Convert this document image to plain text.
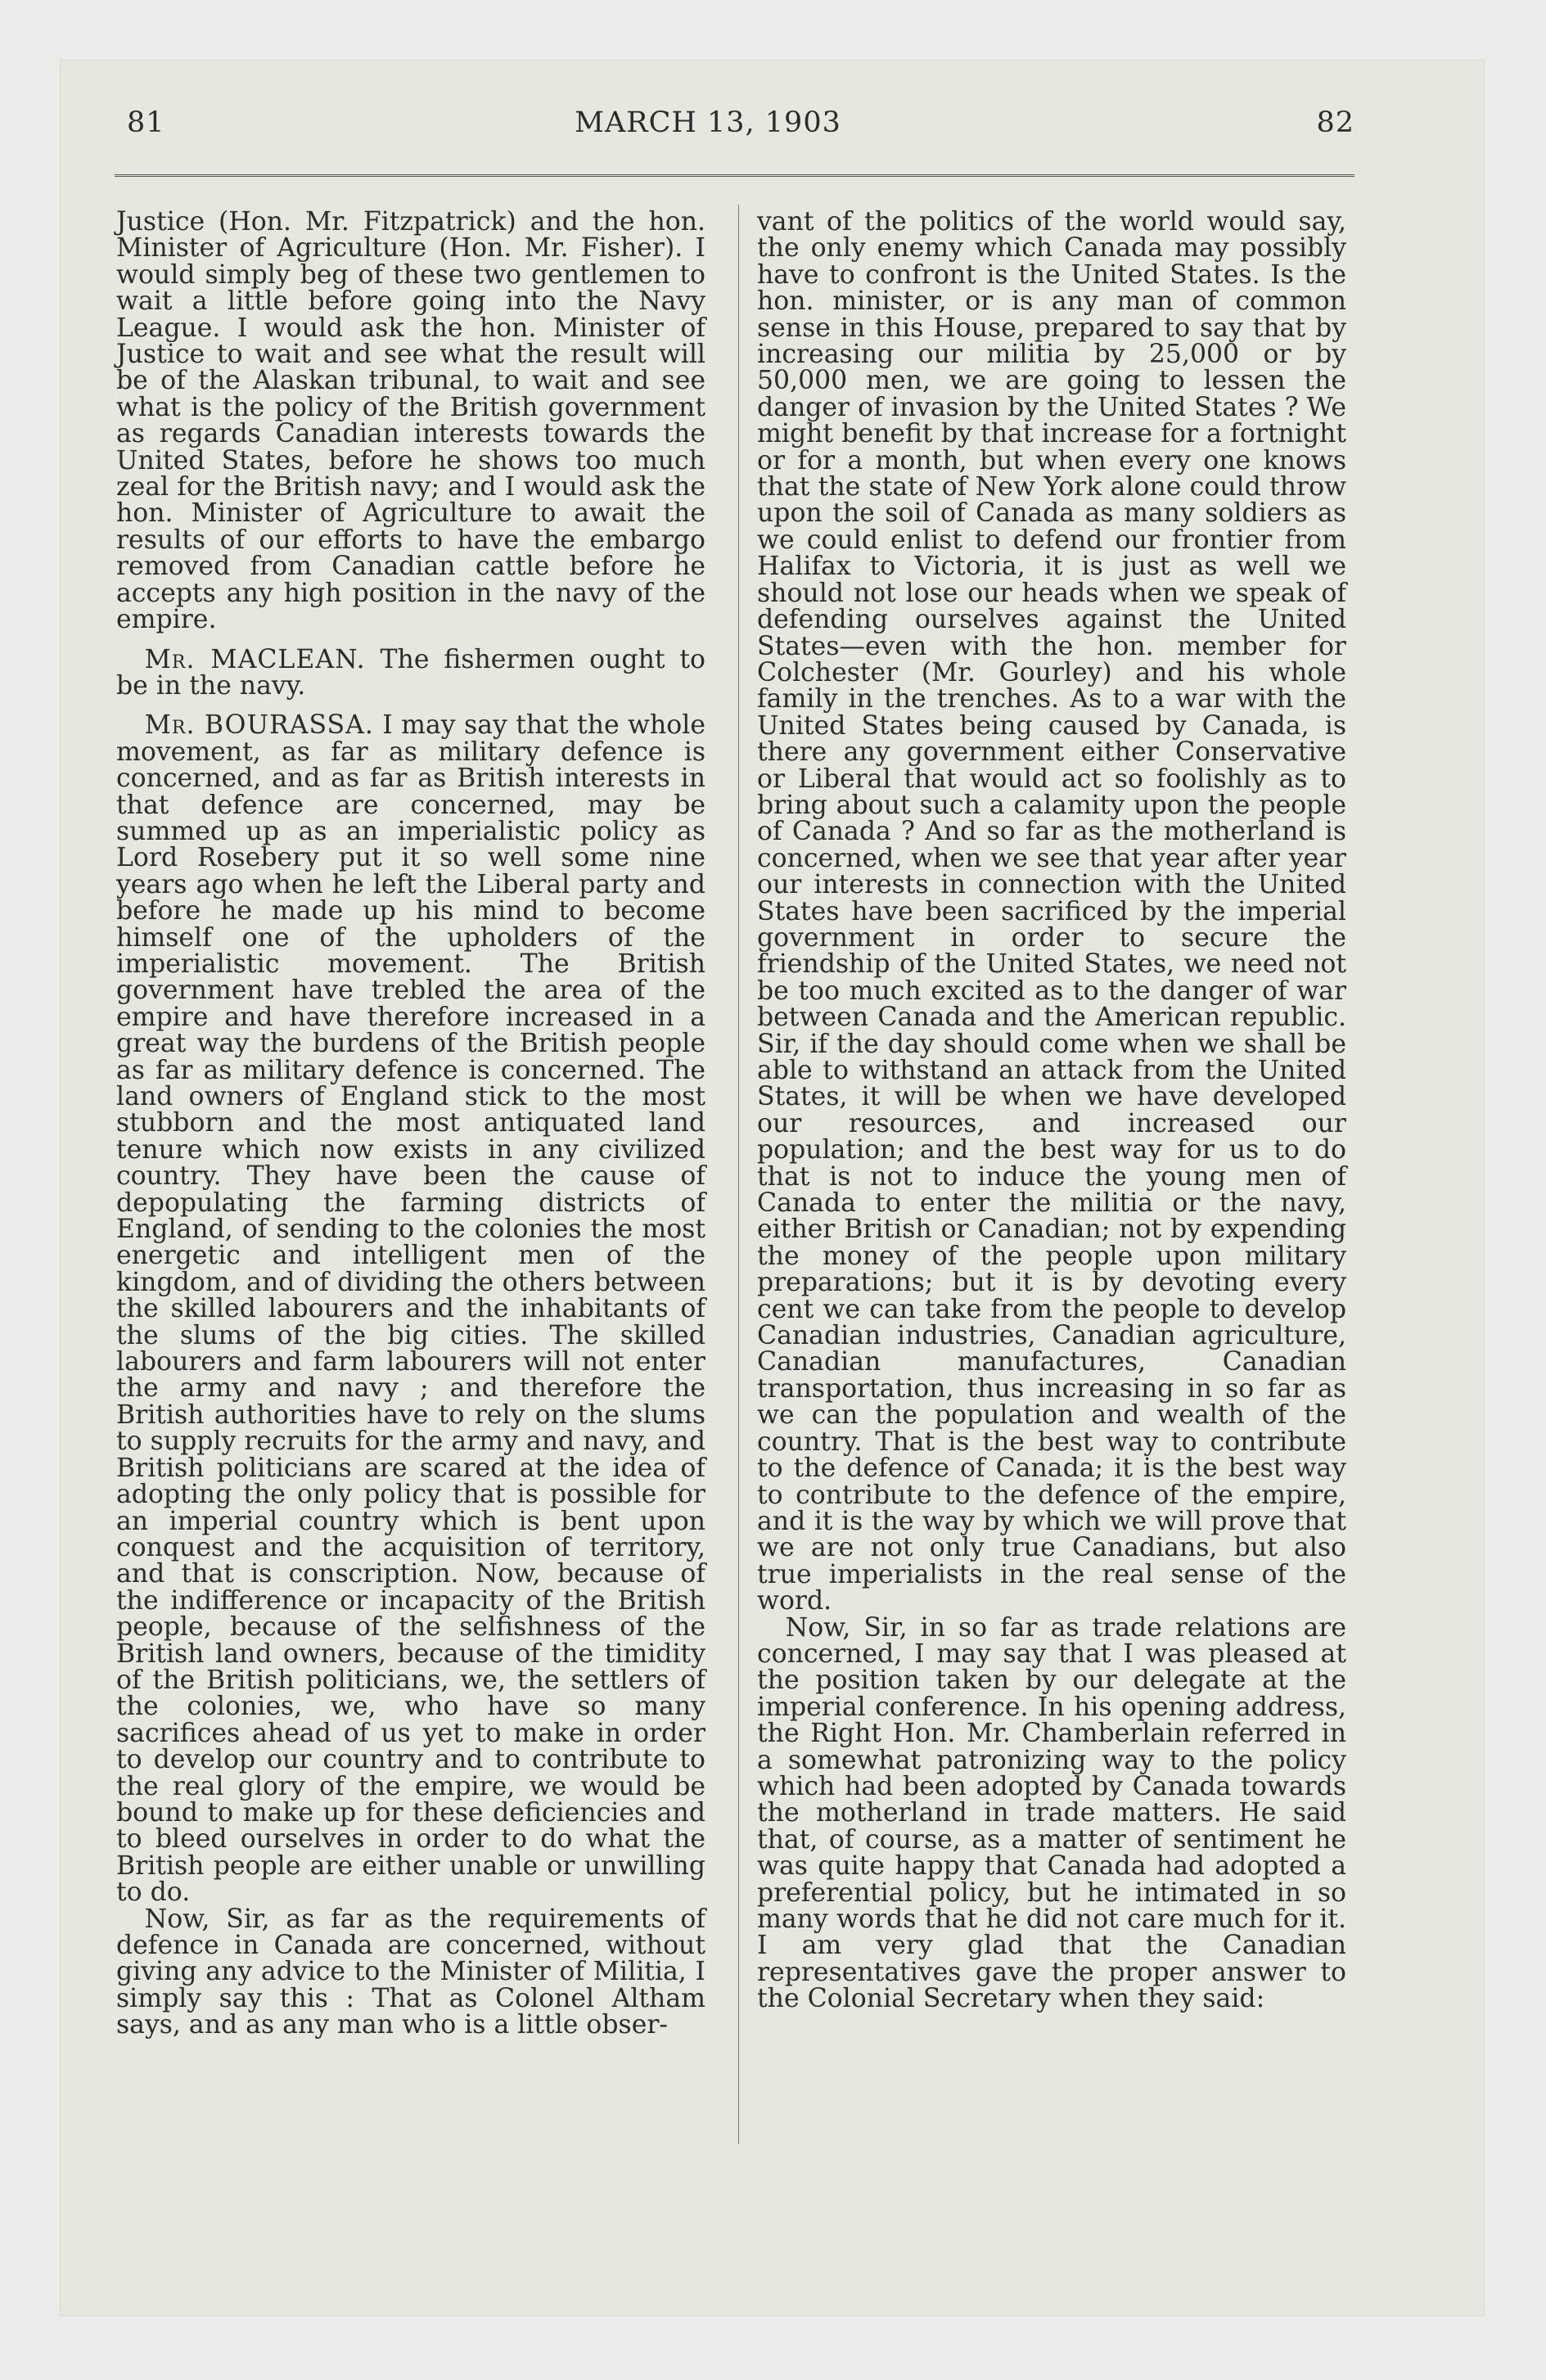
81	MARCH 13, 1903	82

Justice (Hon. Mr. Fitzpatrick) and the hon. Minister of Agriculture (Hon. Mr. Fisher). I would simply beg of these two gentlemen to wait a little before going into the Navy League. I would ask the hon. Minister of Justice to wait and see what the result will be of the Alaskan tribunal, to wait and see what is the policy of the British government as regards Canadian interests towards the United States, before he shows too much zeal for the British navy; and I would ask the hon. Minister of Agriculture to await the results of our efforts to have the embargo removed from Canadian cattle before he accepts any high position in the navy of the empire.

Mr. MACLEAN. The fishermen ought to be in the navy.

Mr. BOURASSA. I may say that the whole movement, as far as military defence is concerned, and as far as British interests in that defence are concerned, may be summed up as an imperialistic policy as Lord Rosebery put it so well some nine years ago when he left the Liberal party and before he made up his mind to become himself one of the upholders of the imperialistic movement. The British government have trebled the area of the empire and have therefore increased in a great way the burdens of the British people as far as military defence is concerned. The land owners of England stick to the most stubborn and the most antiquated land tenure which now exists in any civilized country. They have been the cause of depopulating the farming districts of England, of sending to the colonies the most energetic and intelligent men of the kingdom, and of dividing the others between the skilled labourers and the inhabitants of the slums of the big cities. The skilled labourers and farm labourers will not enter the army and navy ; and therefore the British authorities have to rely on the slums to supply recruits for the army and navy, and British politicians are scared at the idea of adopting the only policy that is possible for an imperial country which is bent upon conquest and the acquisition of territory, and that is conscription. Now, because of the indifference or incapacity of the British people, because of the selfishness of the British land owners, because of the timidity of the British politicians, we, the settlers of the colonies, we, who have so many sacrifices ahead of us yet to make in order to develop our country and to contribute to the real glory of the empire, we would be bound to make up for these deficiencies and to bleed ourselves in order to do what the British people are either unable or unwilling to do.

Now, Sir, as far as the requirements of defence in Canada are concerned, without giving any advice to the Minister of Militia, I simply say this : That as Colonel Altham says, and as any man who is a little obser-

vant of the politics of the world would say, the only enemy which Canada may possibly have to confront is the United States. Is the hon. minister, or is any man of common sense in this House, prepared to say that by increasing our militia by 25,000 or by 50,000 men, we are going to lessen the danger of invasion by the United States ? We might benefit by that increase for a fortnight or for a month, but when every one knows that the state of New York alone could throw upon the soil of Canada as many soldiers as we could enlist to defend our frontier from Halifax to Victoria, it is just as well we should not lose our heads when we speak of defending ourselves against the United States—even with the hon. member for Colchester (Mr. Gourley) and his whole family in the trenches. As to a war with the United States being caused by Canada, is there any government either Conservative or Liberal that would act so foolishly as to bring about such a calamity upon the people of Canada ? And so far as the motherland is concerned, when we see that year after year our interests in connection with the United States have been sacrificed by the imperial government in order to secure the friendship of the United States, we need not be too much excited as to the danger of war between Canada and the American republic. Sir, if the day should come when we shall be able to withstand an attack from the United States, it will be when we have developed our resources, and increased our population; and the best way for us to do that is not to induce the young men of Canada to enter the militia or the navy, either British or Canadian; not by expending the money of the people upon military preparations; but it is by devoting every cent we can take from the people to develop Canadian industries, Canadian agriculture, Canadian manufactures, Canadian transportation, thus increasing in so far as we can the population and wealth of the country. That is the best way to contribute to the defence of Canada; it is the best way to contribute to the defence of the empire, and it is the way by which we will prove that we are not only true Canadians, but also true imperialists in the real sense of the word.

Now, Sir, in so far as trade relations are concerned, I may say that I was pleased at the position taken by our delegate at the imperial conference. In his opening address, the Right Hon. Mr. Chamberlain referred in a somewhat patronizing way to the policy which had been adopted by Canada towards the motherland in trade matters. He said that, of course, as a matter of sentiment he was quite happy that Canada had adopted a preferential policy, but he intimated in so many words that he did not care much for it. I am very glad that the Canadian representatives gave the proper answer to the Colonial Secretary when they said:
